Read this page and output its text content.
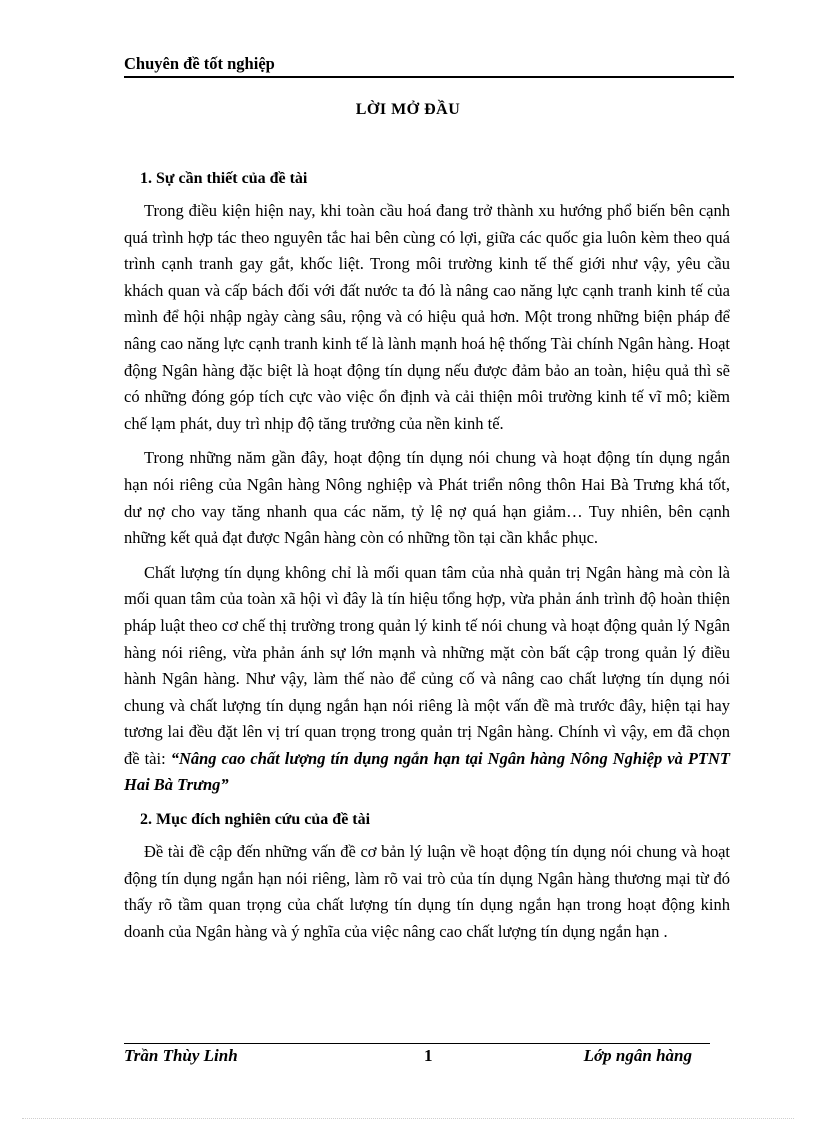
Chuyên đề tốt nghiệp
LỜI MỞ ĐẦU
1. Sự cần thiết của đề tài

Trong điều kiện hiện nay, khi toàn cầu hoá đang trở thành xu hướng phổ biến bên cạnh quá trình hợp tác theo nguyên tắc hai bên cùng có lợi, giữa các quốc gia luôn kèm theo quá trình cạnh tranh gay gắt, khốc liệt. Trong môi trường kinh tế thế giới như vậy, yêu cầu khách quan và cấp bách đối với đất nước ta đó là nâng cao năng lực cạnh tranh kinh tế của mình để hội nhập ngày càng sâu, rộng và có hiệu quả hơn. Một trong những biện pháp để nâng cao năng lực cạnh tranh kinh tế là lành mạnh hoá hệ thống Tài chính Ngân hàng. Hoạt động Ngân hàng đặc biệt là hoạt động tín dụng nếu được đảm bảo an toàn, hiệu quả thì sẽ có những đóng góp tích cực vào việc ổn định và cải thiện môi trường kinh tế vĩ mô; kiềm chế lạm phát, duy trì nhịp độ tăng trưởng của nền kinh tế.

Trong những năm gần đây, hoạt động tín dụng nói chung và hoạt động tín dụng ngắn hạn nói riêng của Ngân hàng Nông nghiệp và Phát triển nông thôn Hai Bà Trưng khá tốt, dư nợ cho vay tăng nhanh qua các năm, tỷ lệ nợ quá hạn giảm… Tuy nhiên, bên cạnh những kết quả đạt được Ngân hàng còn có những tồn tại cần khắc phục.

Chất lượng tín dụng không chỉ là mối quan tâm của nhà quản trị Ngân hàng mà còn là mối quan tâm của toàn xã hội vì đây là tín hiệu tổng hợp, vừa phản ánh trình độ hoàn thiện pháp luật theo cơ chế thị trường trong quản lý kinh tế nói chung và hoạt động quản lý Ngân hàng nói riêng, vừa phản ánh sự lớn mạnh và những mặt còn bất cập trong quản lý điều hành Ngân hàng. Như vậy, làm thế nào để củng cố và nâng cao chất lượng tín dụng nói chung và chất lượng tín dụng ngắn hạn nói riêng là một vấn đề mà trước đây, hiện tại hay tương lai đều đặt lên vị trí quan trọng trong quản trị Ngân hàng. Chính vì vậy, em đã chọn đề tài: “Nâng cao chất lượng tín dụng ngắn hạn tại Ngân hàng Nông Nghiệp và PTNT Hai Bà Trưng”

2. Mục đích nghiên cứu của đề tài

Đề tài đề cập đến những vấn đề cơ bản lý luận về hoạt động tín dụng nói chung và hoạt động tín dụng ngắn hạn nói riêng, làm rõ vai trò của tín dụng Ngân hàng thương mại từ đó thấy rõ tầm quan trọng của chất lượng tín dụng tín dụng ngắn hạn trong hoạt động kinh doanh của Ngân hàng và ý nghĩa của việc nâng cao chất lượng tín dụng ngắn hạn .

Trần Thùy Linh	1	Lớp ngân hàng
